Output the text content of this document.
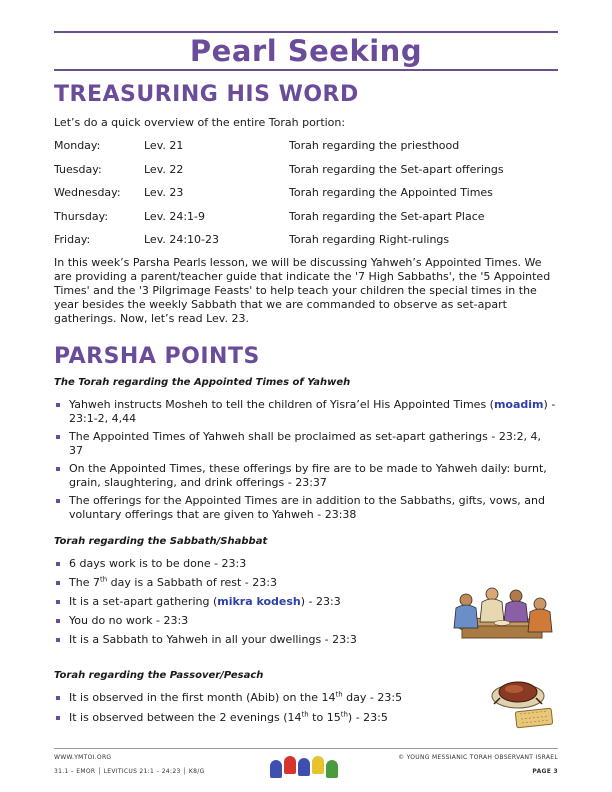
Pearl Seeking
TREASURING HIS WORD
Let’s do a quick overview of the entire Torah portion:
Monday:	Lev. 21	Torah regarding the priesthood
Tuesday:	Lev. 22	Torah regarding the Set-apart offerings
Wednesday: Lev. 23	Torah regarding the Appointed Times
Thursday:	Lev. 24:1-9	Torah regarding the Set-apart Place
Friday:	Lev. 24:10-23	Torah regarding Right-rulings
In this week’s Parsha Pearls lesson, we will be discussing Yahweh’s Appointed Times. We are providing a parent/teacher guide that indicate the '7 High Sabbaths', the '5 Appointed Times' and the '3 Pilgrimage Feasts' to help teach your children the special times in the year besides the weekly Sabbath that we are commanded to observe as set-apart gatherings. Now, let’s read Lev. 23.
PARSHA POINTS
The Torah regarding the Appointed Times of Yahweh
Yahweh instructs Mosheh to tell the children of Yisra’el His Appointed Times (moadim) - 23:1-2, 4,44
The Appointed Times of Yahweh shall be proclaimed as set-apart gatherings - 23:2, 4, 37
On the Appointed Times, these offerings by fire are to be made to Yahweh daily: burnt, grain, slaughtering, and drink offerings - 23:37
The offerings for the Appointed Times are in addition to the Sabbaths, gifts, vows, and voluntary offerings that are given to Yahweh - 23:38
Torah regarding the Sabbath/Shabbat
6 days work is to be done - 23:3
The 7th day is a Sabbath of rest - 23:3
It is a set-apart gathering (mikra kodesh) - 23:3
You do no work - 23:3
It is a Sabbath to Yahweh in all your dwellings - 23:3
Torah regarding the Passover/Pesach
It is observed in the first month (Abib) on the 14th day - 23:5
It is observed between the 2 evenings (14th to 15th) - 23:5
WWW.YMTOI.ORG
31.1 – EMOR │ LEVITICUS 21:1 – 24:23 │ K8/G
© YOUNG MESSIANIC TORAH OBSERVANT ISRAEL
PAGE 3
